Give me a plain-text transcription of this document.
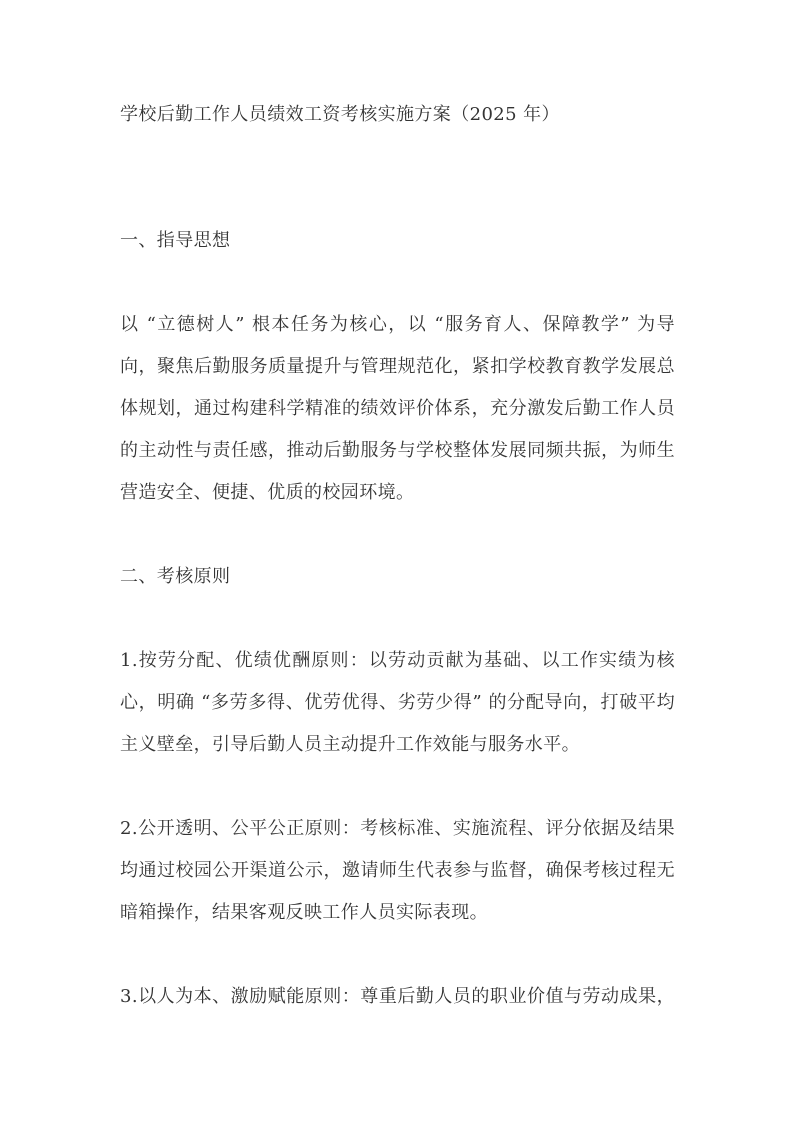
学校后勤工作人员绩效工资考核实施方案（2025 年）

一、指导思想

以 “立德树人” 根本任务为核心，以 “服务育人、保障教学” 为导向，聚焦后勤服务质量提升与管理规范化，紧扣学校教育教学发展总体规划，通过构建科学精准的绩效评价体系，充分激发后勤工作人员的主动性与责任感，推动后勤服务与学校整体发展同频共振，为师生营造安全、便捷、优质的校园环境。

二、考核原则

1.按劳分配、优绩优酬原则：以劳动贡献为基础、以工作实绩为核心，明确 “多劳多得、优劳优得、劣劳少得” 的分配导向，打破平均主义壁垒，引导后勤人员主动提升工作效能与服务水平。

2.公开透明、公平公正原则：考核标准、实施流程、评分依据及结果均通过校园公开渠道公示，邀请师生代表参与监督，确保考核过程无暗箱操作，结果客观反映工作人员实际表现。

3.以人为本、激励赋能原则：尊重后勤人员的职业价值与劳动成果，
